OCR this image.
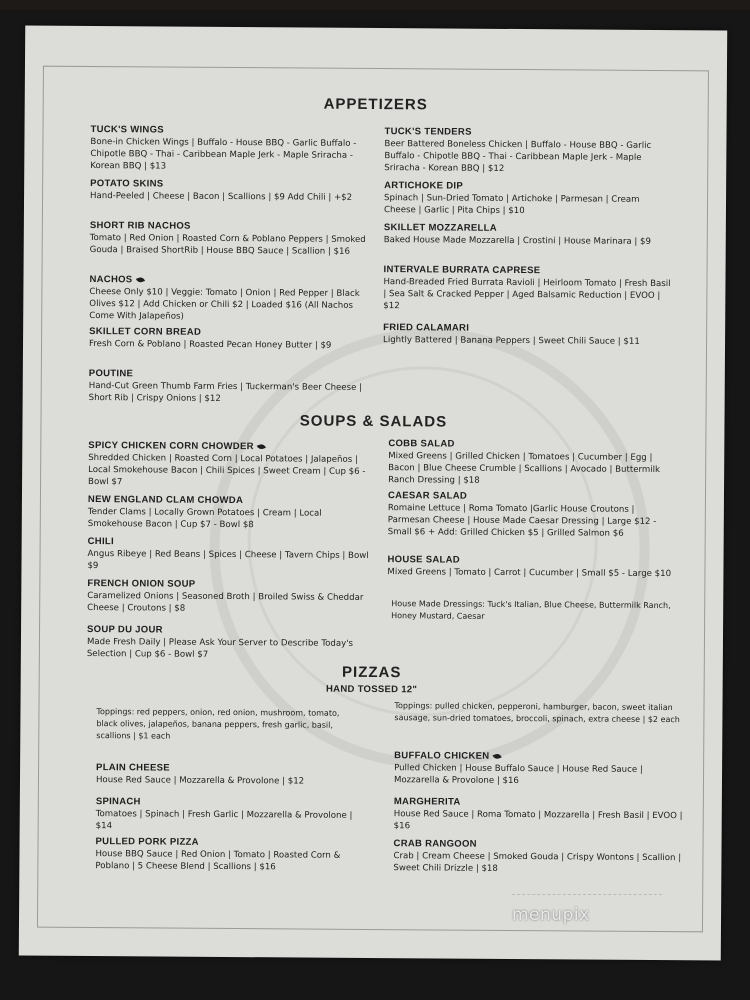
APPETIZERS
TUCK'S WINGS
Bone-in Chicken Wings | Buffalo - House BBQ - Garlic Buffalo - Chipotle BBQ - Thai - Caribbean Maple Jerk - Maple Sriracha - Korean BBQ | $13
POTATO SKINS
Hand-Peeled | Cheese | Bacon | Scallions | $9 Add Chili | +$2
SHORT RIB NACHOS
Tomato | Red Onion | Roasted Corn & Poblano Peppers | Smoked Gouda | Braised ShortRib | House BBQ Sauce | Scallion | $16
NACHOS
Cheese Only $10 | Veggie: Tomato | Onion | Red Pepper | Black Olives $12 | Add Chicken or Chili $2 | Loaded $16 (All Nachos Come With Jalapeños)
SKILLET CORN BREAD
Fresh Corn & Poblano | Roasted Pecan Honey Butter | $9
POUTINE
Hand-Cut Green Thumb Farm Fries | Tuckerman's Beer Cheese | Short Rib | Crispy Onions | $12
TUCK'S TENDERS
Beer Battered Boneless Chicken | Buffalo - House BBQ - Garlic Buffalo - Chipotle BBQ - Thai - Caribbean Maple Jerk - Maple Sriracha - Korean BBQ | $12
ARTICHOKE DIP
Spinach | Sun-Dried Tomato | Artichoke | Parmesan | Cream Cheese | Garlic | Pita Chips | $10
SKILLET MOZZARELLA
Baked House Made Mozzarella | Crostini | House Marinara | $9
INTERVALE BURRATA CAPRESE
Hand-Breaded Fried Burrata Ravioli | Heirloom Tomato | Fresh Basil | Sea Salt & Cracked Pepper | Aged Balsamic Reduction | EVOO | $12
FRIED CALAMARI
Lightly Battered | Banana Peppers | Sweet Chili Sauce | $11
SOUPS & SALADS
SPICY CHICKEN CORN CHOWDER
Shredded Chicken | Roasted Corn | Local Potatoes | Jalapeños | Local Smokehouse Bacon | Chili Spices | Sweet Cream | Cup $6 - Bowl $7
NEW ENGLAND CLAM CHOWDA
Tender Clams | Locally Grown Potatoes | Cream | Local Smokehouse Bacon | Cup $7 - Bowl $8
CHILI
Angus Ribeye | Red Beans | Spices | Cheese | Tavern Chips | Bowl $9
FRENCH ONION SOUP
Caramelized Onions | Seasoned Broth | Broiled Swiss & Cheddar Cheese | Croutons | $8
SOUP DU JOUR
Made Fresh Daily | Please Ask Your Server to Describe Today's Selection | Cup $6 - Bowl $7
COBB SALAD
Mixed Greens | Grilled Chicken | Tomatoes | Cucumber | Egg | Bacon | Blue Cheese Crumble | Scallions | Avocado | Buttermilk Ranch Dressing | $18
CAESAR SALAD
Romaine Lettuce | Roma Tomato |Garlic House Croutons | Parmesan Cheese | House Made Caesar Dressing | Large $12 - Small $6 + Add: Grilled Chicken $5 | Grilled Salmon $6
HOUSE SALAD
Mixed Greens | Tomato | Carrot | Cucumber | Small $5 - Large $10
House Made Dressings: Tuck's Italian, Blue Cheese, Buttermilk Ranch, Honey Mustard, Caesar
PIZZAS
HAND TOSSED 12"
Toppings: red peppers, onion, red onion, mushroom, tomato, black olives, jalapeños, banana peppers, fresh garlic, basil, scallions | $1 each
Toppings: pulled chicken, pepperoni, hamburger, bacon, sweet italian sausage, sun-dried tomatoes, broccoli, spinach, extra cheese | $2 each
PLAIN CHEESE
House Red Sauce | Mozzarella & Provolone | $12
SPINACH
Tomatoes | Spinach | Fresh Garlic | Mozzarella & Provolone | $14
PULLED PORK PIZZA
House BBQ Sauce | Red Onion | Tomato | Roasted Corn & Poblano | 5 Cheese Blend | Scallions | $16
BUFFALO CHICKEN
Pulled Chicken | House Buffalo Sauce | House Red Sauce | Mozzarella & Provolone | $16
MARGHERITA
House Red Sauce | Roma Tomato | Mozzarella | Fresh Basil | EVOO | $16
CRAB RANGOON
Crab | Cream Cheese | Smoked Gouda | Crispy Wontons | Scallion | Sweet Chili Drizzle | $18
menupix
